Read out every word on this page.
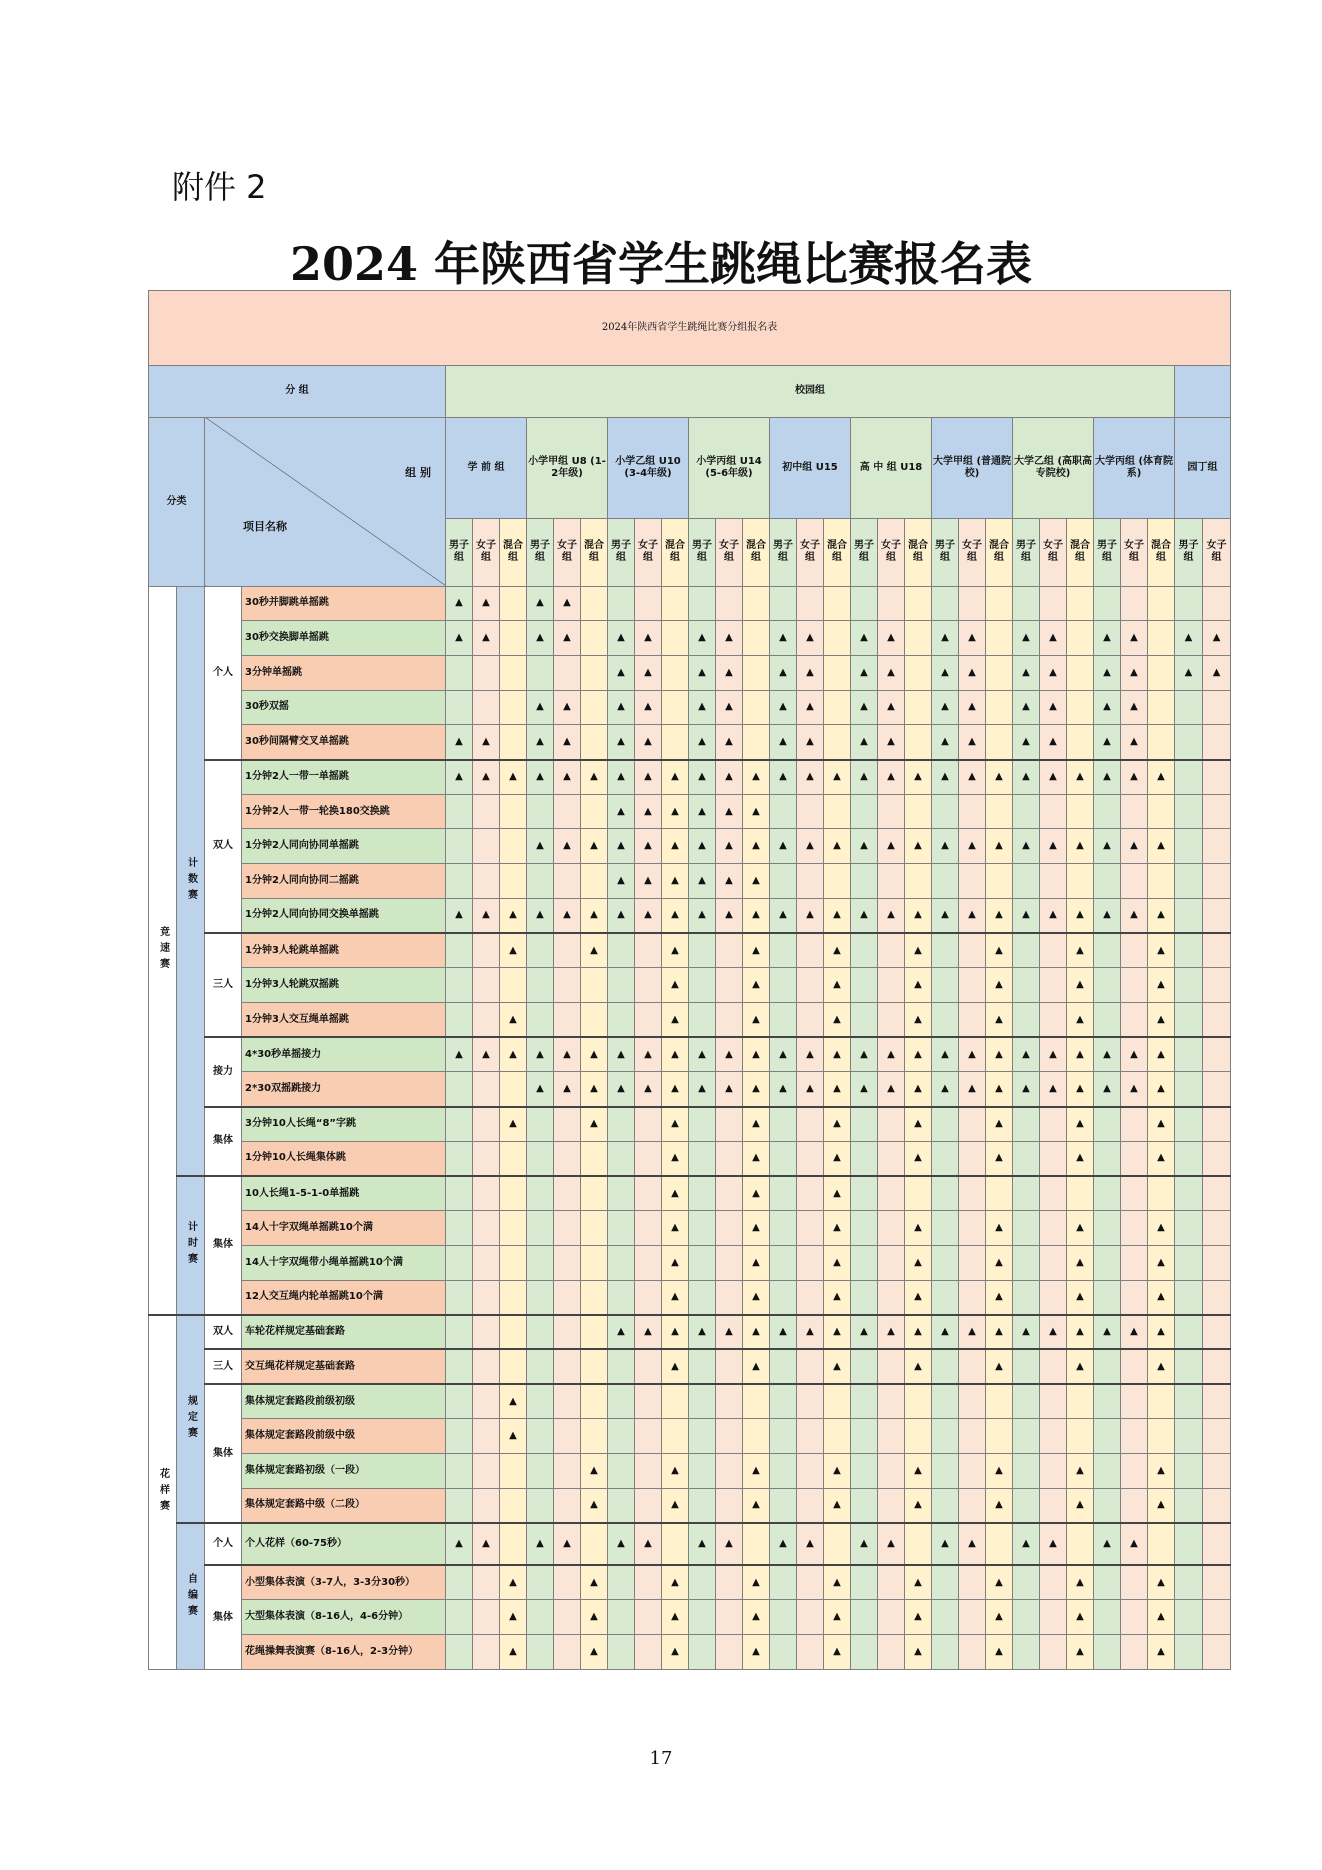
附件 2
2024 年陕西省学生跳绳比赛报名表
2024年陕西省学生跳绳比赛分组报名表																																
分 组				校园组																												
分类		组 别
项目名称		学 前 组			小学甲组 U8 (1-2年级)			小学乙组 U10 (3-4年级)			小学丙组 U14 (5-6年级)			初中组 U15			高 中 组 U18			大学甲组 (普通院校)			大学乙组 (高职高专院校)			大学丙组 (体育院系)			园丁组	
				男子组	女子组	混合组	男子组	女子组	混合组	男子组	女子组	混合组	男子组	女子组	混合组	男子组	女子组	混合组	男子组	女子组	混合组	男子组	女子组	混合组	男子组	女子组	混合组	男子组	女子组	混合组	男子组	女子组
竞速赛	计数赛	个人	30秒并脚跳单摇跳	▲	▲		▲	▲																								
			30秒交换脚单摇跳	▲	▲		▲	▲		▲	▲		▲	▲		▲	▲		▲	▲		▲	▲		▲	▲		▲	▲		▲	▲
			3分钟单摇跳							▲	▲		▲	▲		▲	▲		▲	▲		▲	▲		▲	▲		▲	▲		▲	▲
			30秒双摇				▲	▲		▲	▲		▲	▲		▲	▲		▲	▲		▲	▲		▲	▲		▲	▲			
			30秒间隔臂交叉单摇跳	▲	▲		▲	▲		▲	▲		▲	▲		▲	▲		▲	▲		▲	▲		▲	▲		▲	▲			
		双人	1分钟2人一带一单摇跳	▲	▲	▲	▲	▲	▲	▲	▲	▲	▲	▲	▲	▲	▲	▲	▲	▲	▲	▲	▲	▲	▲	▲	▲	▲	▲	▲		
			1分钟2人一带一轮换180交换跳							▲	▲	▲	▲	▲	▲																	
			1分钟2人同向协同单摇跳				▲	▲	▲	▲	▲	▲	▲	▲	▲	▲	▲	▲	▲	▲	▲	▲	▲	▲	▲	▲	▲	▲	▲	▲		
			1分钟2人同向协同二摇跳							▲	▲	▲	▲	▲	▲																	
			1分钟2人同向协同交换单摇跳	▲	▲	▲	▲	▲	▲	▲	▲	▲	▲	▲	▲	▲	▲	▲	▲	▲	▲	▲	▲	▲	▲	▲	▲	▲	▲	▲		
		三人	1分钟3人轮跳单摇跳			▲			▲			▲			▲			▲			▲			▲			▲			▲		
			1分钟3人轮跳双摇跳									▲			▲			▲			▲			▲			▲			▲		
			1分钟3人交互绳单摇跳			▲						▲			▲			▲			▲			▲			▲			▲		
		接力	4*30秒单摇接力	▲	▲	▲	▲	▲	▲	▲	▲	▲	▲	▲	▲	▲	▲	▲	▲	▲	▲	▲	▲	▲	▲	▲	▲	▲	▲	▲		
			2*30双摇跳接力				▲	▲	▲	▲	▲	▲	▲	▲	▲	▲	▲	▲	▲	▲	▲	▲	▲	▲	▲	▲	▲	▲	▲	▲		
		集体	3分钟10人长绳“8”字跳			▲			▲			▲			▲			▲			▲			▲			▲			▲		
			1分钟10人长绳集体跳									▲			▲			▲			▲			▲			▲			▲		
	计时赛	集体	10人长绳1-5-1-0单摇跳									▲			▲			▲														
			14人十字双绳单摇跳10个满									▲			▲			▲			▲			▲			▲			▲		
			14人十字双绳带小绳单摇跳10个满									▲			▲			▲			▲			▲			▲			▲		
			12人交互绳内轮单摇跳10个满									▲			▲			▲			▲			▲			▲			▲		
花样赛	规定赛	双人	车轮花样规定基础套路							▲	▲	▲	▲	▲	▲	▲	▲	▲	▲	▲	▲	▲	▲	▲	▲	▲	▲	▲	▲	▲		
		三人	交互绳花样规定基础套路									▲			▲			▲			▲			▲			▲			▲		
		集体	集体规定套路段前级初级			▲																										
			集体规定套路段前级中级			▲																										
			集体规定套路初级（一段）						▲			▲			▲			▲			▲			▲			▲			▲		
			集体规定套路中级（二段）						▲			▲			▲			▲			▲			▲			▲			▲		
	自编赛	个人	个人花样（60-75秒）	▲	▲		▲	▲		▲	▲		▲	▲		▲	▲		▲	▲		▲	▲		▲	▲		▲	▲			
		集体	小型集体表演（3-7人，3-3分30秒）			▲			▲			▲			▲			▲			▲			▲			▲			▲		
			大型集体表演（8-16人，4-6分钟）			▲			▲			▲			▲			▲			▲			▲			▲			▲		
			花绳操舞表演赛（8-16人，2-3分钟）			▲			▲			▲			▲			▲			▲			▲			▲			▲		
17
